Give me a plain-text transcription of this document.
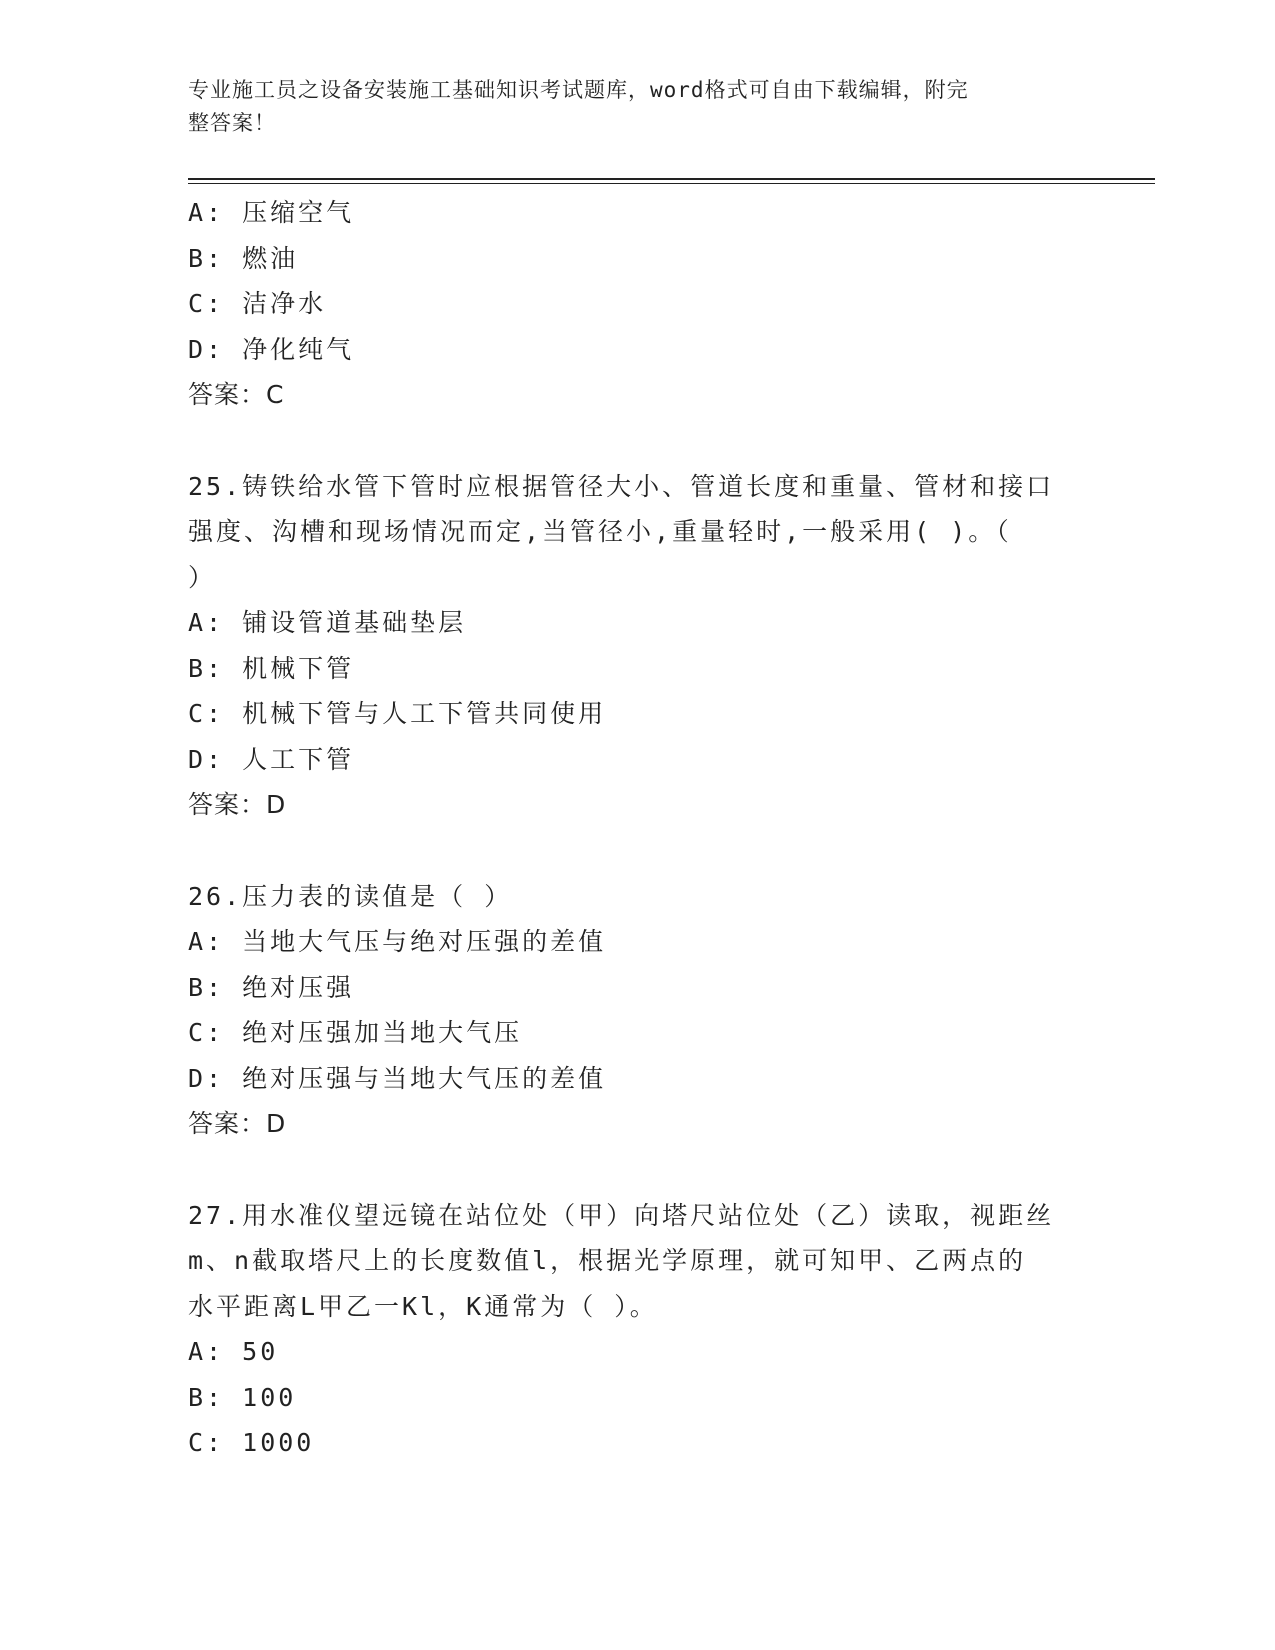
专业施工员之设备安装施工基础知识考试题库，word格式可自由下载编辑，附完
整答案！
A: 压缩空气
B: 燃油
C: 洁净水
D: 净化纯气
答案：C
25.铸铁给水管下管时应根据管径大小、管道长度和重量、管材和接口
强度、沟槽和现场情况而定,当管径小,重量轻时,一般采用( )。（
）
A: 铺设管道基础垫层
B: 机械下管
C: 机械下管与人工下管共同使用
D: 人工下管
答案：D
26.压力表的读值是（ ）
A: 当地大气压与绝对压强的差值
B: 绝对压强
C: 绝对压强加当地大气压
D: 绝对压强与当地大气压的差值
答案：D
27.用水准仪望远镜在站位处（甲）向塔尺站位处（乙）读取，视距丝
m、n截取塔尺上的长度数值l，根据光学原理，就可知甲、乙两点的
水平距离L甲乙一Kl，K通常为（ ）。
A: 50
B: 100
C: 1000
